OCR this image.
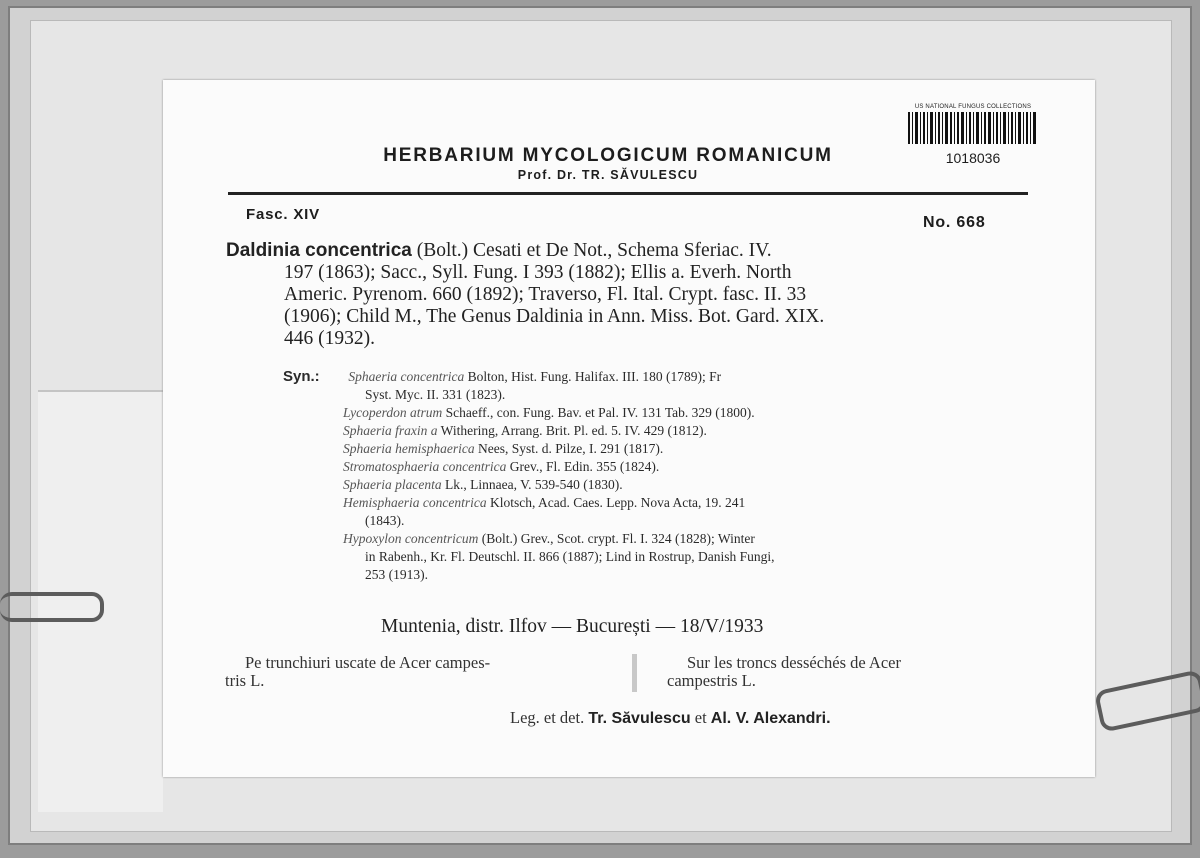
HERBARIUM MYCOLOGICUM ROMANICUM
Prof. Dr. TR. SĂVULESCU
US NATIONAL FUNGUS COLLECTIONS
1018036
Fasc. XIV	No. 668
Daldinia concentrica (Bolt.) Cesati et De Not., Schema Sferiac. IV.
197 (1863); Sacc., Syll. Fung. I 393 (1882); Ellis a. Everh. North
Americ. Pyrenom. 660 (1892); Traverso, Fl. Ital. Crypt. fasc. II. 33
(1906); Child M., The Genus Daldinia in Ann. Miss. Bot. Gard. XIX.
446 (1932).
Syn.: Sphaeria concentrica Bolton, Hist. Fung. Halifax. III. 180 (1789); Fr
Syst. Myc. II. 331 (1823).
Lycoperdon atrum Schaeff., con. Fung. Bav. et Pal. IV. 131 Tab. 329 (1800).
Sphaeria fraxin a Withering, Arrang. Brit. Pl. ed. 5. IV. 429 (1812).
Sphaeria hemisphaerica Nees, Syst. d. Pilze, I. 291 (1817).
Stromatosphaeria concentrica Grev., Fl. Edin. 355 (1824).
Sphaeria placenta Lk., Linnaea, V. 539-540 (1830).
Hemisphaeria concentrica Klotsch, Acad. Caes. Lepp. Nova Acta, 19. 241
(1843).
Hypoxylon concentricum (Bolt.) Grev., Scot. crypt. Fl. I. 324 (1828); Winter
in Rabenh., Kr. Fl. Deutschl. II. 866 (1887); Lind in Rostrup, Danish Fungi,
253 (1913).
Muntenia, distr. Ilfov — București — 18/V/1933
Pe trunchiuri uscate de Acer campes-
tris L.
Sur les troncs desséchés de Acer
campestris L.
Leg. et det. Tr. Săvulescu et Al. V. Alexandri.
